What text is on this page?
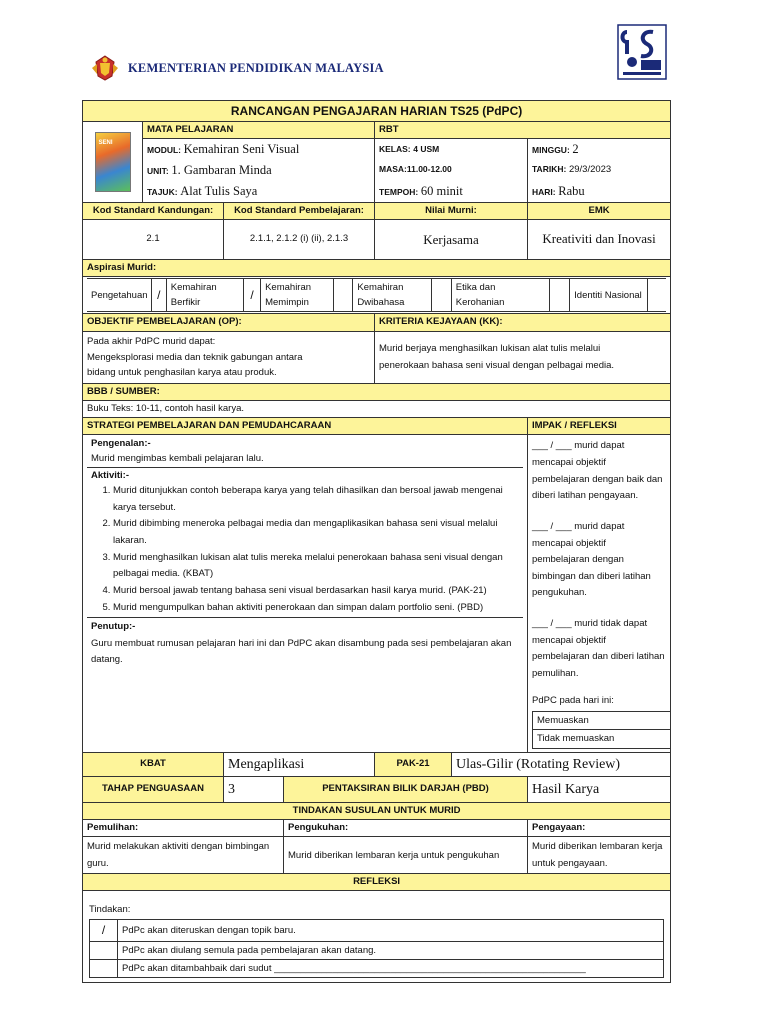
KEMENTERIAN PENDIDIKAN MALAYSIA
RANCANGAN PENGAJARAN HARIAN TS25 (PdPC)

SENI
	MATA PELAJARAN	RBT
MODUL: Kemahiran Seni Visual	KELAS: 4 USM	MINGGU: 2
UNIT: 1. Gambaran Minda	MASA:11.00-12.00	TARIKH: 29/3/2023
TAJUK: Alat Tulis Saya	TEMPOH: 60 minit	HARI: Rabu
Kod Standard Kandungan:	Kod Standard Pembelajaran:	Nilai Murni:	EMK
2.1	2.1.1, 2.1.2 (i) (ii), 2.1.3	Kerjasama	Kreativiti dan Inovasi
Aspirasi Murid:

Pengetahuan	/	Kemahiran Berfikir	/	Kemahiran Memimpin		Kemahiran Dwibahasa		Etika dan Kerohanian		Identiti Nasional	

OBJEKTIF PEMBELAJARAN (OP):	KRITERIA KEJAYAAN (KK):

Pada akhir PdPC murid dapat:
Mengeksplorasi media dan teknik gabungan antara
bidang untuk penghasilan karya atau produk.

Murid berjaya menghasilkan lukisan alat tulis melalui
penerokaan bahasa seni visual dengan pelbagai media.

BBB / SUMBER:
Buku Teks: 10-11, contoh hasil karya.
STRATEGI PEMBELAJARAN DAN PEMUDAHCARAAN	IMPAK / REFLEKSI

Pengenalan:-
Murid mengimbas kembali pelajaran lalu.
Aktiviti:-
1. Murid ditunjukkan contoh beberapa karya yang telah dihasilkan dan bersoal jawab mengenai karya tersebut.
2. Murid dibimbing meneroka pelbagai media dan mengaplikasikan bahasa seni visual melalui lakaran.
3. Murid menghasilkan lukisan alat tulis mereka melalui penerokaan bahasa seni visual dengan pelbagai media. (KBAT)
4. Murid bersoal jawab tentang bahasa seni visual berdasarkan hasil karya murid. (PAK-21)
5. Murid mengumpulkan bahan aktiviti penerokaan dan simpan dalam portfolio seni. (PBD)
Penutup:-
Guru membuat rumusan pelajaran hari ini dan PdPC akan disambung pada sesi pembelajaran akan datang.

___ / ___ murid dapat mencapai objektif pembelajaran dengan baik dan diberi latihan pengayaan.
___ / ___ murid dapat mencapai objektif pembelajaran dengan bimbingan dan diberi latihan pengukuhan.
___ / ___ murid tidak dapat mencapai objektif pembelajaran dan diberi latihan pemulihan.
PdPC pada hari ini:
Memuaskan	
Tidak memuaskan	

KBAT	Mengaplikasi	PAK-21	Ulas-Gilir (Rotating Review)
TAHAP PENGUASAAN	3	PENTAKSIRAN BILIK DARJAH (PBD)	Hasil Karya
TINDAKAN SUSULAN UNTUK MURID
Pemulihan:	Pengukuhan:	Pengayaan:
Murid melakukan aktiviti dengan bimbingan guru.	Murid diberikan lembaran kerja untuk pengukuhan	Murid diberikan lembaran kerja untuk pengayaan.
REFLEKSI

Tindakan:
/	PdPc akan diteruskan dengan topik baru.
	PdPc akan diulang semula pada pembelajaran akan datang.
	PdPc akan ditambahbaik dari sudut ___________________________________________________________
